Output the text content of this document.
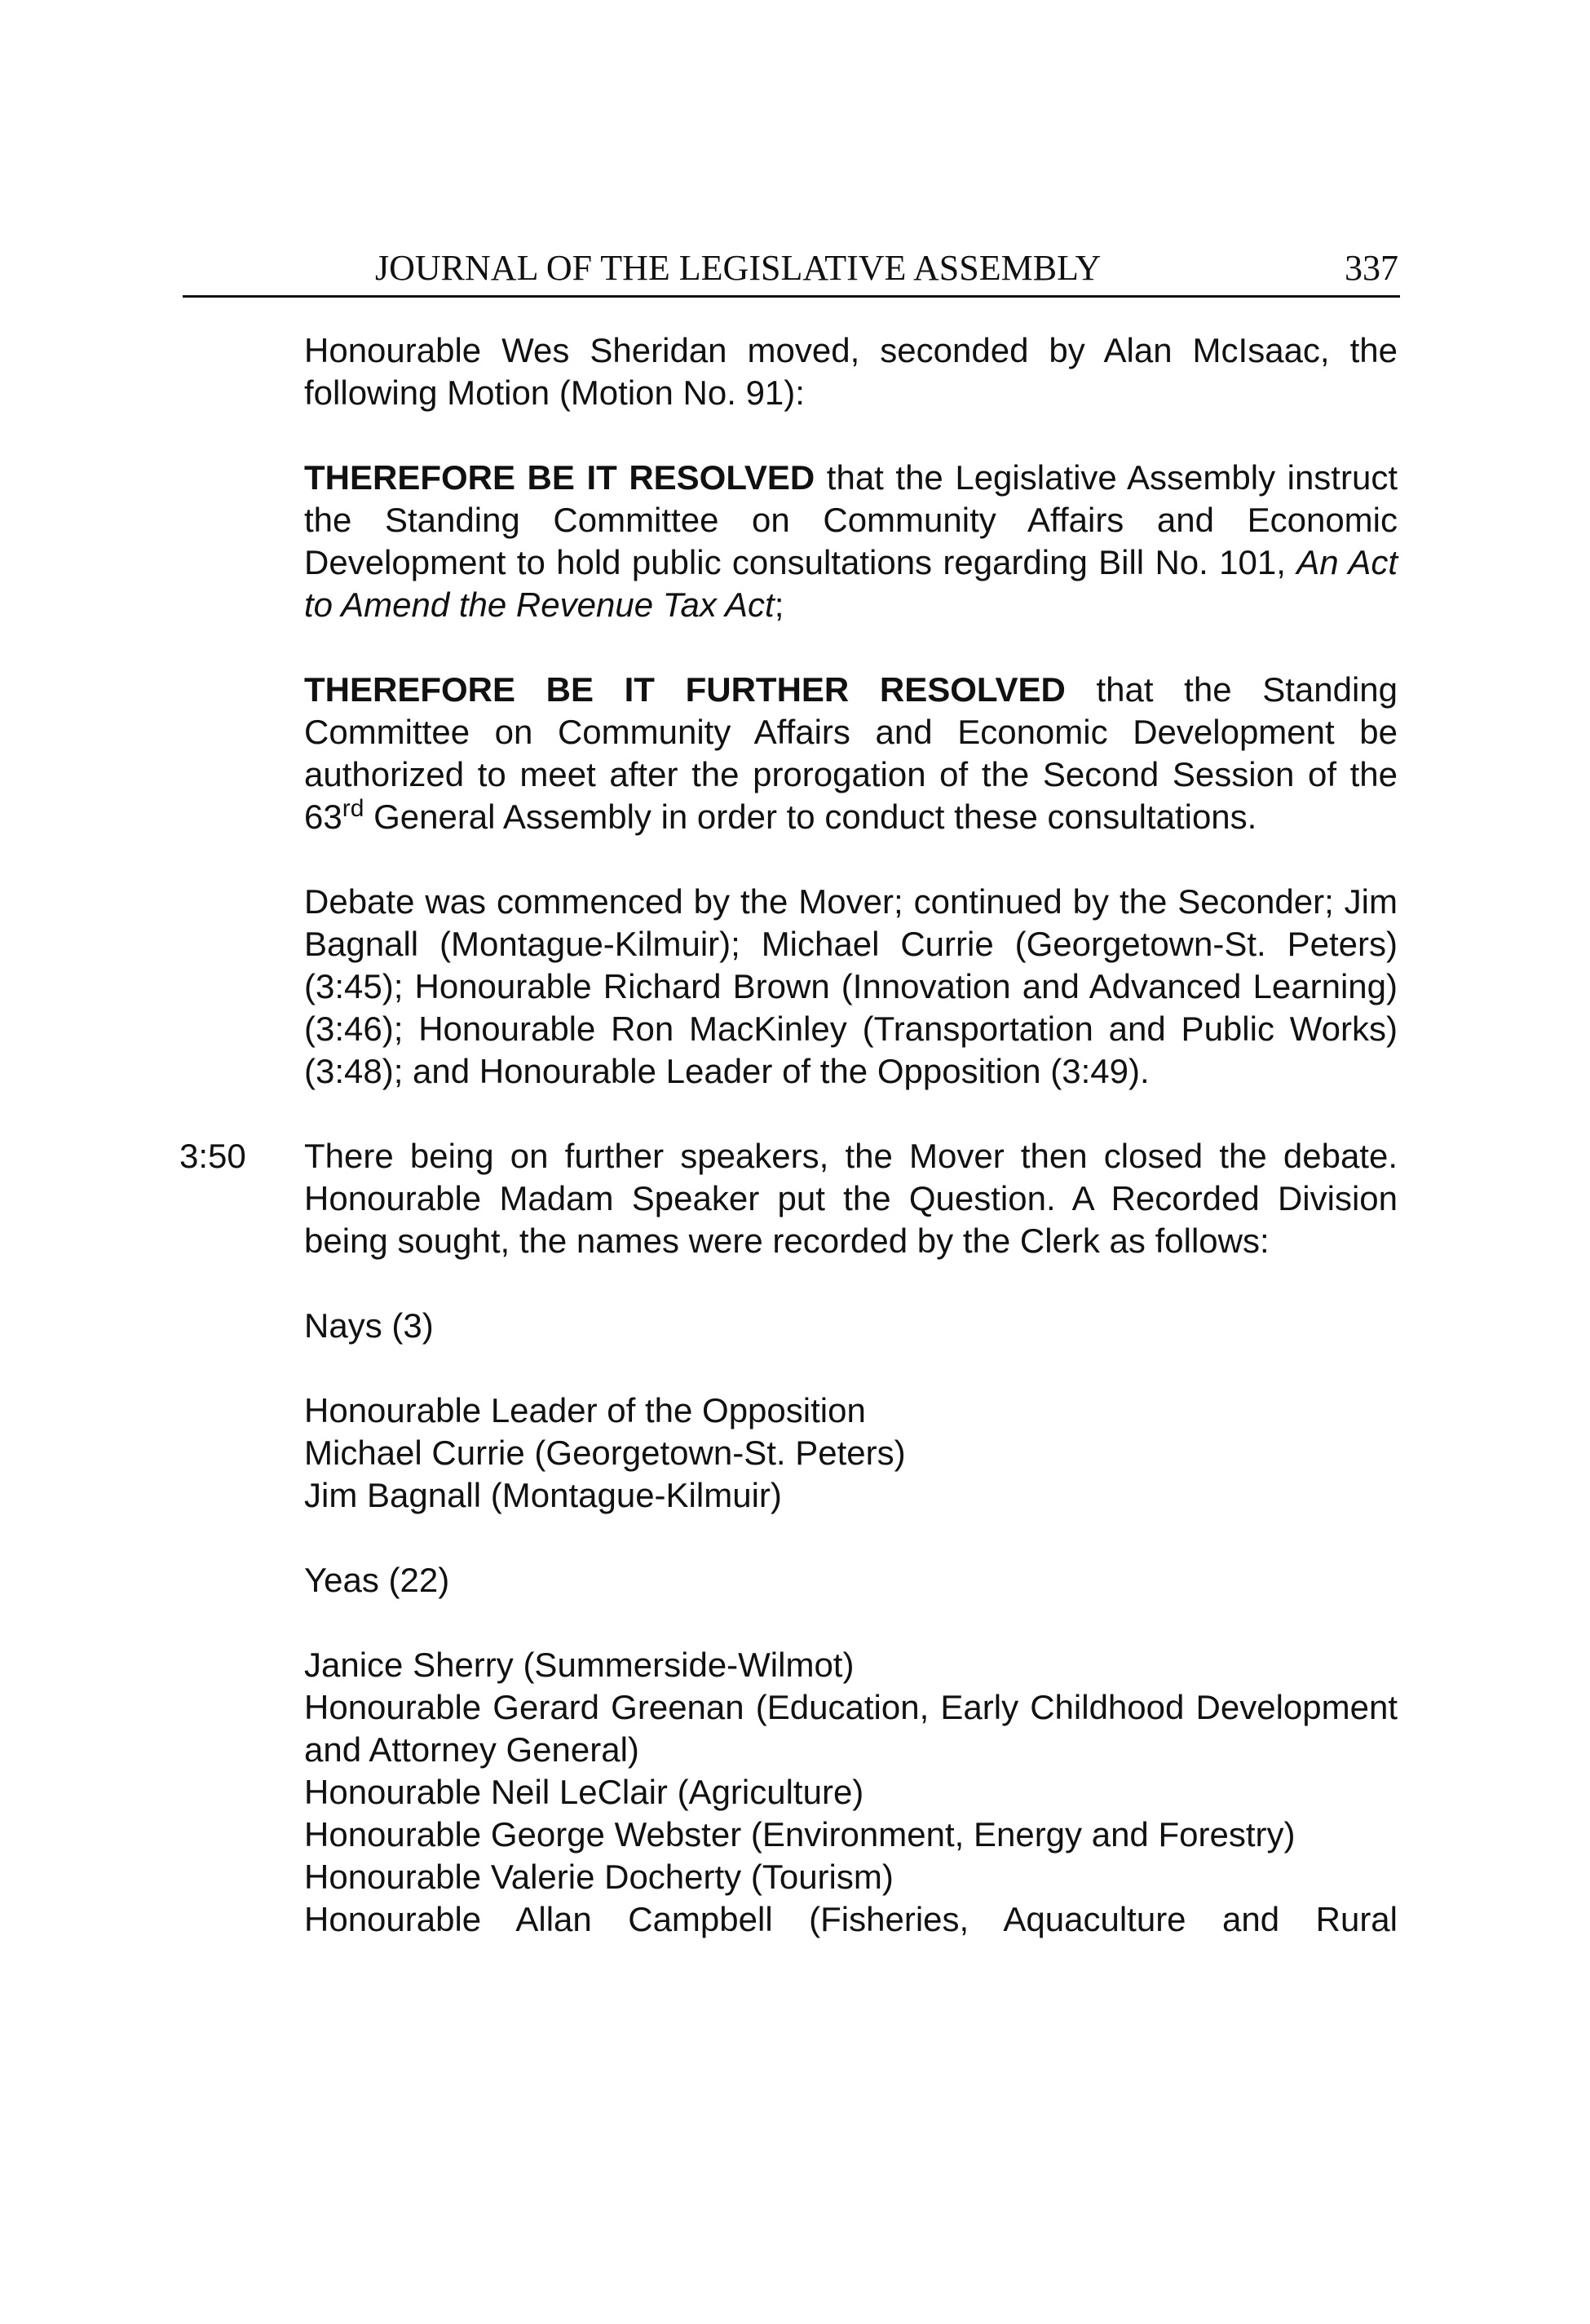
JOURNAL OF THE LEGISLATIVE ASSEMBLY	337

Honourable Wes Sheridan moved, seconded by Alan McIsaac, the following Motion (Motion No. 91):

THEREFORE BE IT RESOLVED that the Legislative Assembly instruct the Standing Committee on Community Affairs and Economic Development to hold public consultations regarding Bill No. 101, An Act to Amend the Revenue Tax Act;

THEREFORE BE IT FURTHER RESOLVED that the Standing Committee on Community Affairs and Economic Development be authorized to meet after the prorogation of the Second Session of the 63rd General Assembly in order to conduct these consultations.

Debate was commenced by the Mover; continued by the Seconder; Jim Bagnall (Montague-Kilmuir); Michael Currie (Georgetown-St. Peters) (3:45); Honourable Richard Brown (Innovation and Advanced Learning) (3:46); Honourable Ron MacKinley (Transportation and Public Works) (3:48); and Honourable Leader of the Opposition (3:49).

3:50 There being on further speakers, the Mover then closed the debate. Honourable Madam Speaker put the Question. A Recorded Division being sought, the names were recorded by the Clerk as follows:

Nays (3)

Honourable Leader of the Opposition
Michael Currie (Georgetown-St. Peters)
Jim Bagnall (Montague-Kilmuir)

Yeas (22)

Janice Sherry (Summerside-Wilmot)
Honourable Gerard Greenan (Education, Early Childhood Development and Attorney General)
Honourable Neil LeClair (Agriculture)
Honourable George Webster (Environment, Energy and Forestry)
Honourable Valerie Docherty (Tourism)
Honourable Allan Campbell (Fisheries, Aquaculture and Rural
